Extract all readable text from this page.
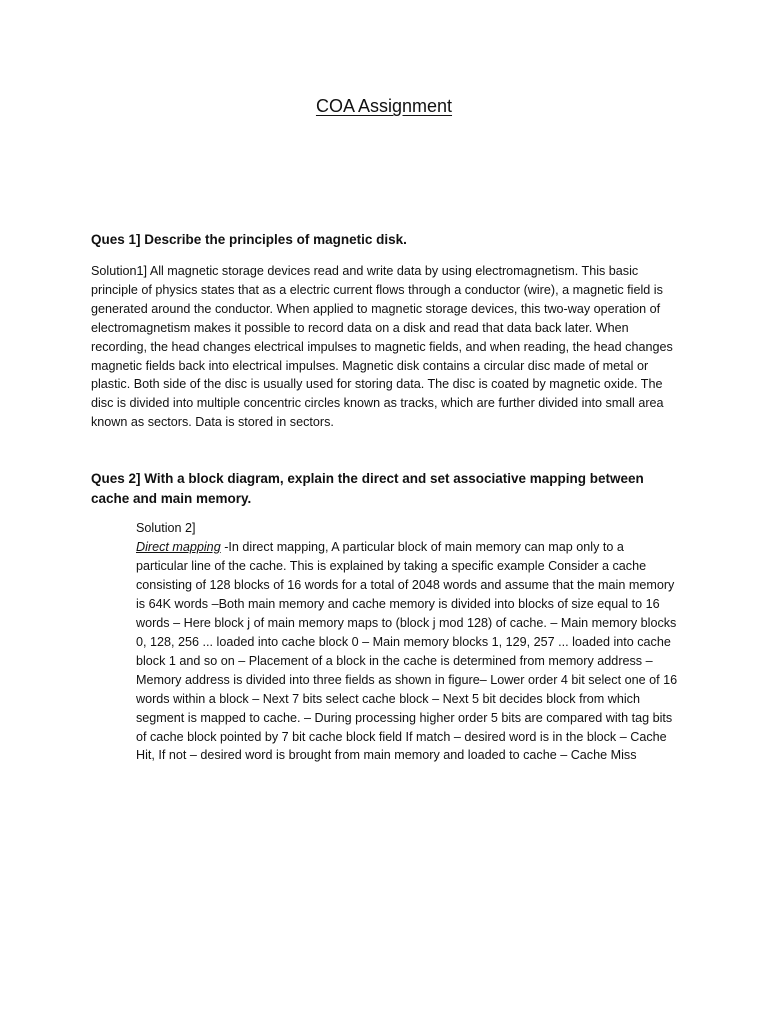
COA Assignment

Ques 1] Describe the principles of magnetic disk.

Solution1] All magnetic storage devices read and write data by using electromagnetism. This basic principle of physics states that as a electric current flows through a conductor (wire), a magnetic field is generated around the conductor. When applied to magnetic storage devices, this two-way operation of electromagnetism makes it possible to record data on a disk and read that data back later. When recording, the head changes electrical impulses to magnetic fields, and when reading, the head changes magnetic fields back into electrical impulses. Magnetic disk contains a circular disc made of metal or plastic. Both side of the disc is usually used for storing data. The disc is coated by magnetic oxide. The disc is divided into multiple concentric circles known as tracks, which are further divided into small area known as sectors. Data is stored in sectors.

Ques 2] With a block diagram, explain the direct and set associative mapping between cache and main memory.

Solution 2]

Direct mapping -In direct mapping, A particular block of main memory can map only to a particular line of the cache. This is explained by taking a specific example Consider a cache consisting of 128 blocks of 16 words for a total of 2048 words and assume that the main memory is 64K words –Both main memory and cache memory is divided into blocks of size equal to 16 words – Here block j of main memory maps to (block j mod 128) of cache. – Main memory blocks 0, 128, 256 ... loaded into cache block 0 – Main memory blocks 1, 129, 257 ... loaded into cache block 1 and so on – Placement of a block in the cache is determined from memory address – Memory address is divided into three fields as shown in figure– Lower order 4 bit select one of 16 words within a block – Next 7 bits select cache block – Next 5 bit decides block from which segment is mapped to cache. – During processing higher order 5 bits are compared with tag bits of cache block pointed by 7 bit cache block field If match – desired word is in the block – Cache Hit, If not – desired word is brought from main memory and loaded to cache – Cache Miss
